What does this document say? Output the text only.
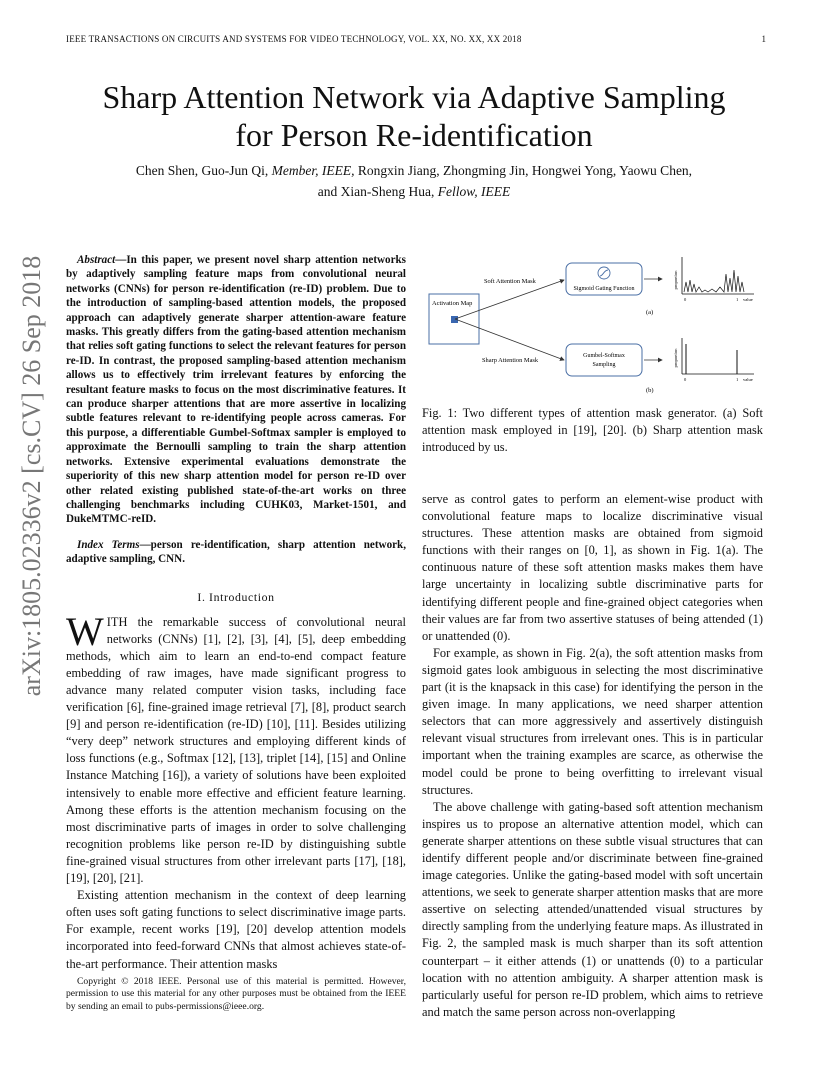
IEEE TRANSACTIONS ON CIRCUITS AND SYSTEMS FOR VIDEO TECHNOLOGY, VOL. XX, NO. XX, XX 2018	1
Sharp Attention Network via Adaptive Sampling
for Person Re-identification
Chen Shen, Guo-Jun Qi, Member, IEEE, Rongxin Jiang, Zhongming Jin, Hongwei Yong, Yaowu Chen,
and Xian-Sheng Hua, Fellow, IEEE
arXiv:1805.02336v2 [cs.CV] 26 Sep 2018	Abstract—In this paper, we present novel sharp attention networks by adaptively sampling feature maps from convolutional neural networks (CNNs) for person re-identification (re-ID) problem. Due to the introduction of sampling-based attention models, the proposed approach can adaptively generate sharper attention-aware feature masks. This greatly differs from the gating-based attention mechanism that relies soft gating functions to select the relevant features for person re-ID. In contrast, the proposed sampling-based attention mechanism allows us to effectively trim irrelevant features by enforcing the resultant feature masks to focus on the most discriminative features. It can produce sharper attentions that are more assertive in localizing subtle features relevant to re-identifying people across cameras. For this purpose, a differentiable Gumbel-Softmax sampler is employed to approximate the Bernoulli sampling to train the sharp attention networks. Extensive experimental evaluations demonstrate the superiority of this new sharp attention model for person re-ID over other related existing published state-of-the-art works on three challenging benchmarks including CUHK03, Market-1501, and DukeMTMC-reID.

Index Terms—person re-identification, sharp attention network, adaptive sampling, CNN.

I. Introduction

WITH the remarkable success of convolutional neural networks (CNNs) [1], [2], [3], [4], [5], deep embedding methods, which aim to learn an end-to-end compact feature embedding of raw images, have made significant progress to advance many related computer vision tasks, including face verification [6], fine-grained image retrieval [7], [8], product search [9] and person re-identification (re-ID) [10], [11]. Besides utilizing “very deep” network structures and employing different kinds of loss functions (e.g., Softmax [12], [13], triplet [14], [15] and Online Instance Matching [16]), a variety of solutions have been exploited intensively to enable more effective and efficient feature learning. Among these efforts is the attention mechanism focusing on the most discriminative parts of images in order to solve challenging recognition problems like person re-ID by distinguishing subtle fine-grained visual structures from other irrelevant parts [17], [18], [19], [20], [21].

Existing attention mechanism in the context of deep learning often uses soft gating functions to select discriminative image parts. For example, recent works [19], [20] develop attention models incorporated into feed-forward CNNs that almost achieves state-of-the-art performance. Their attention masks

Copyright © 2018 IEEE. Personal use of this material is permitted. However, permission to use this material for any other purposes must be obtained from the IEEE by sending an email to pubs-permissions@ieee.org.
Activation Map
Soft Attention Mask
Sharp Attention Mask
Sigmoid Gating Function
Gumbel-Softmax
Sampling
proportion
0	1 value
(a)
proportion
0	1 value
(b)
Fig. 1: Two different types of attention mask generator. (a) Soft attention mask employed in [19], [20]. (b) Sharp attention mask introduced by us.

serve as control gates to perform an element-wise product with convolutional feature maps to localize discriminative visual structures. These attention masks are obtained from sigmoid functions with their ranges on [0, 1], as shown in Fig. 1(a). The continuous nature of these soft attention masks makes them have large uncertainty in localizing subtle discriminative parts for identifying different people and fine-grained object categories when their values are far from two assertive statuses of being attended (1) or unattended (0).

For example, as shown in Fig. 2(a), the soft attention masks from sigmoid gates look ambiguous in selecting the most discriminative part (it is the knapsack in this case) for identifying the person in the given image. In many applications, we need sharper attention selectors that can more aggressively and assertively distinguish relevant visual structures from irrelevant ones. This is in particular important when the training examples are scarce, as otherwise the model could be prone to being overfitting to irrelevant visual structures.

The above challenge with gating-based soft attention mechanism inspires us to propose an alternative attention model, which can generate sharper attentions on these subtle visual structures that can identify different people and/or discriminate between fine-grained image categories. Unlike the gating-based model with soft uncertain attentions, we seek to generate sharper attention masks that are more assertive on selecting attended/unattended visual structures by directly sampling from the underlying feature maps. As illustrated in Fig. 2, the sampled mask is much sharper than its soft attention counterpart – it either attends (1) or unattends (0) to a particular location with no attention ambiguity. A sharper attention mask is particularly useful for person re-ID problem, which aims to retrieve and match the same person across non-overlapping
